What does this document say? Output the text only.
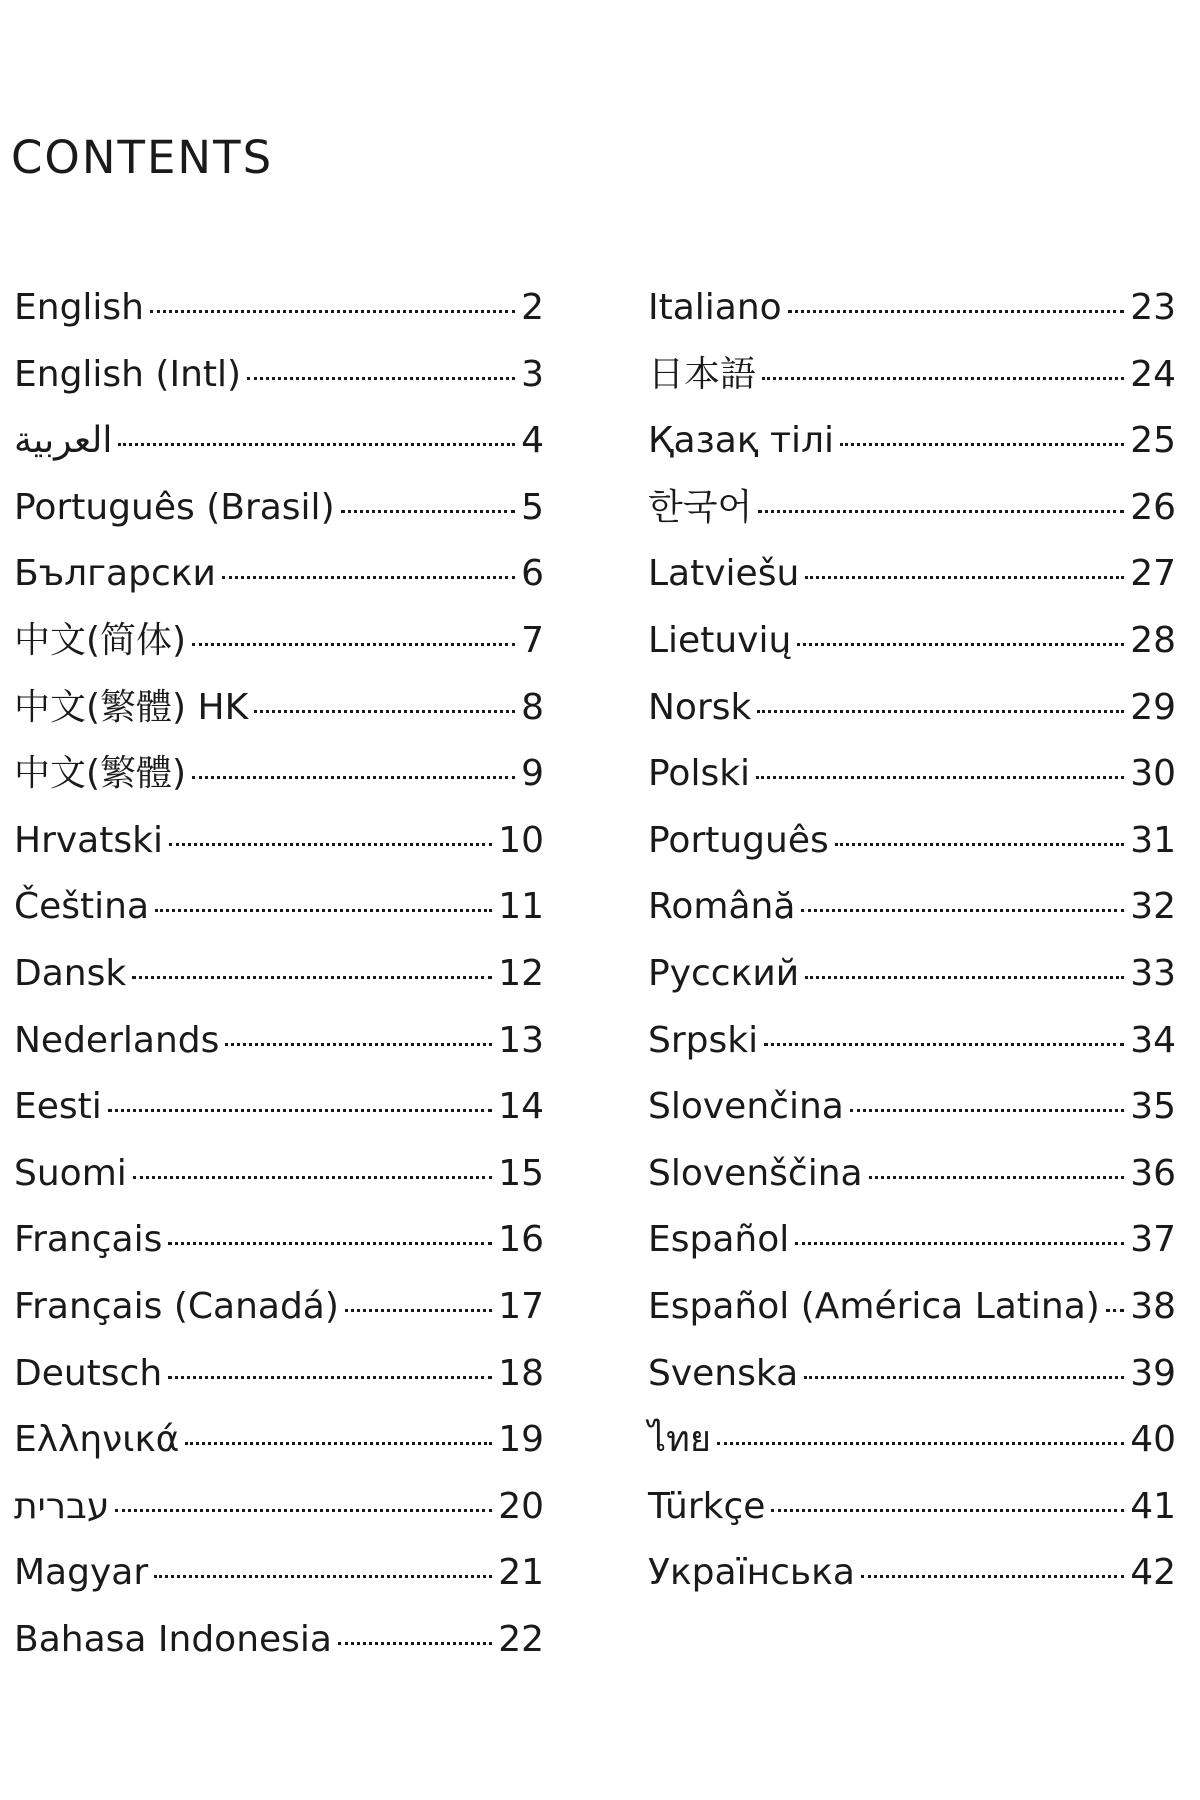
CONTENTS
English	2
English (Intl)	3
العربية	4
Português (Brasil)	5
Български	6
中文(简体)	7
中文(繁體) HK	8
中文(繁體)	9
Hrvatski	10
Čeština	11
Dansk	12
Nederlands	13
Eesti	14
Suomi	15
Français	16
Français (Canadá)	17
Deutsch	18
Ελληνικά	19
עברית	20
Magyar	21
Bahasa Indonesia	22
Italiano	23
日本語	24
Қазақ тілі	25
한국어	26
Latviešu	27
Lietuvių	28
Norsk	29
Polski	30
Português	31
Română	32
Русский	33
Srpski	34
Slovenčina	35
Slovenščina	36
Español	37
Español (América Latina) 38
Svenska	39
ไทย	40
Türkçe	41
Українська	42
